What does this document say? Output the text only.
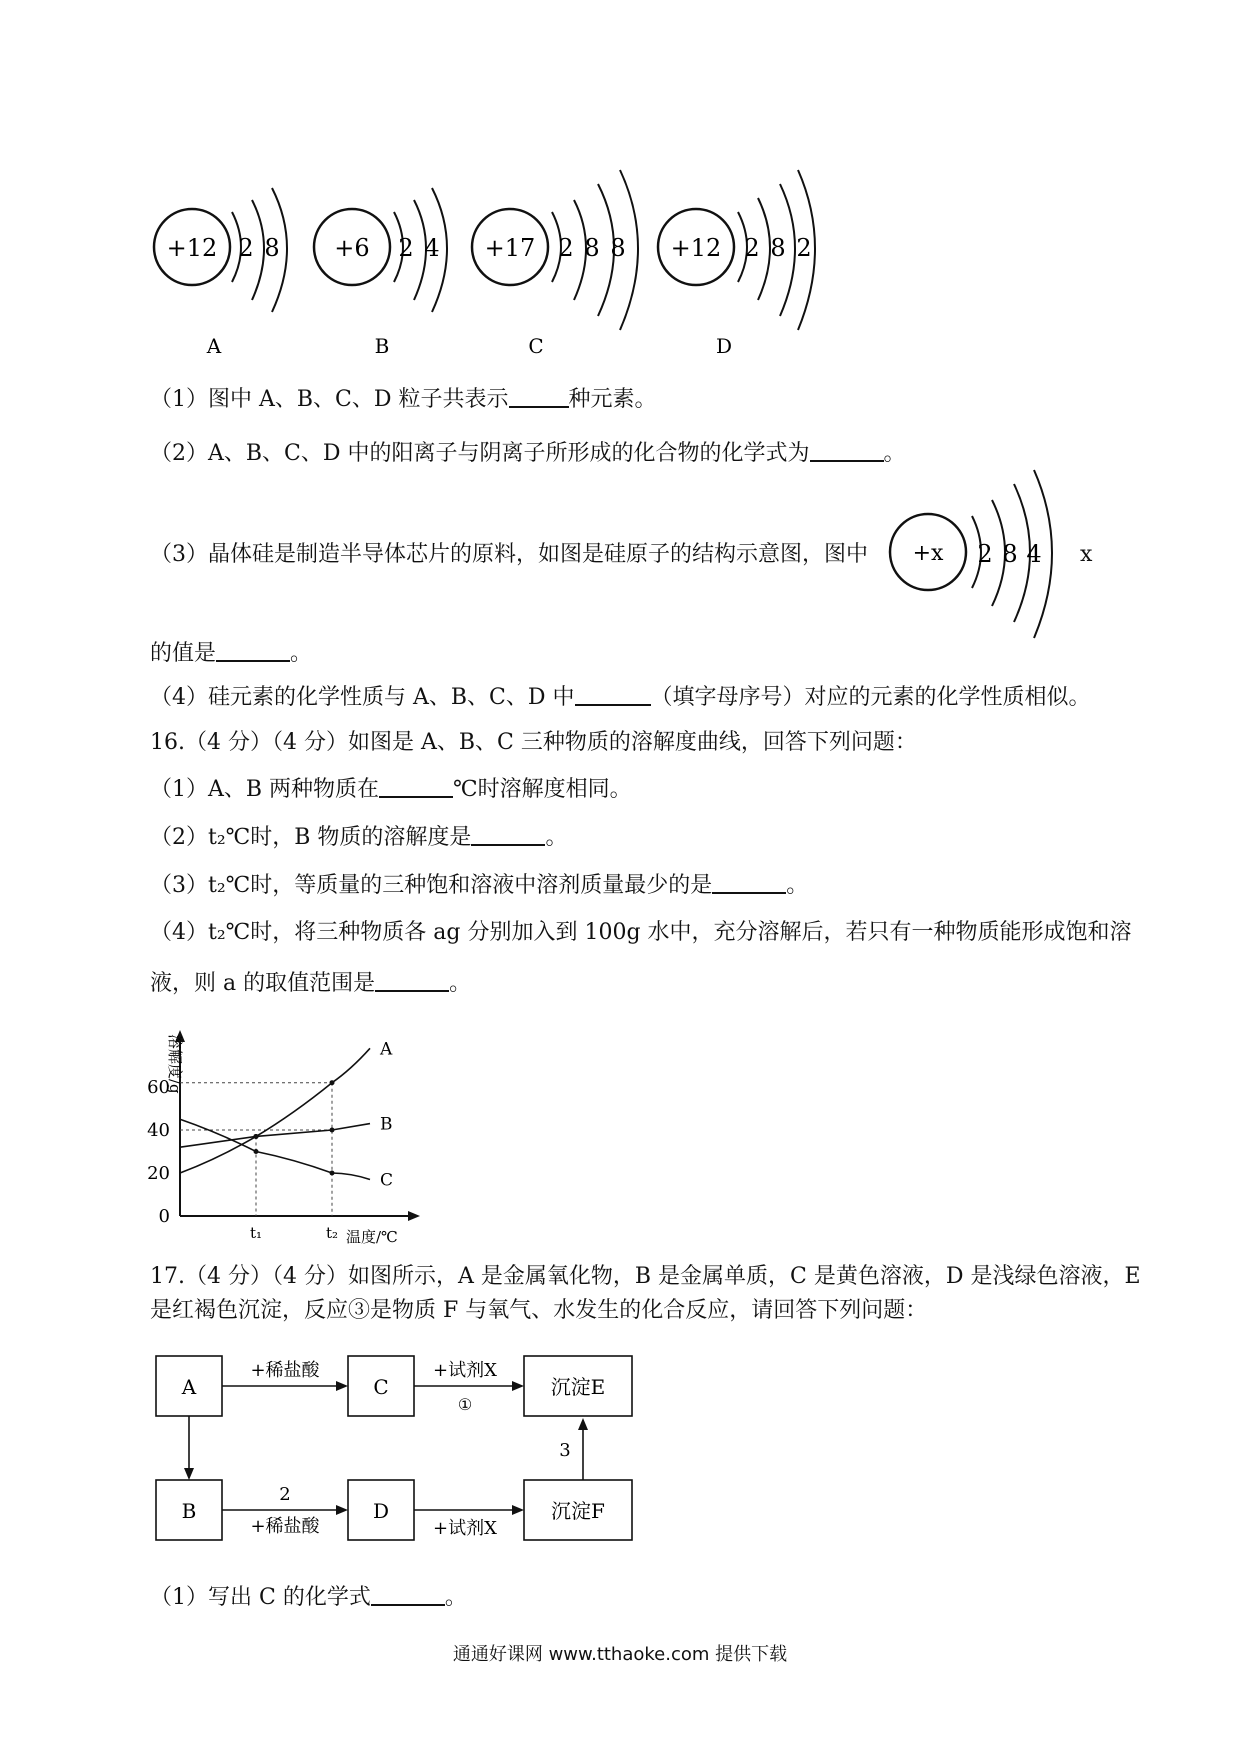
+12 2 8
A
+6 2 4
B
+17 2 8 8
C
+12 2 8 2
D
（1）图中 A、B、C、D 粒子共表示	种元素。
（2）A、B、C、D 中的阳离子与阴离子所形成的化合物的化学式为	。
（3）晶体硅是制造半导体芯片的原料，如图是硅原子的结构示意图，图中 +x 2 8 4 x
的值是	。
（4）硅元素的化学性质与 A、B、C、D 中	（填字母序号）对应的元素的化学性质相似。
16.（4 分）（4 分）如图是 A、B、C 三种物质的溶解度曲线，回答下列问题：
（1）A、B 两种物质在	℃时溶解度相同。
（2）t₂℃时，B 物质的溶解度是	。
（3）t₂℃时，等质量的三种饱和溶液中溶剂质量最少的是	。
（4）t₂℃时，将三种物质各 ag 分别加入到 100g 水中，充分溶解后，若只有一种物质能形成饱和溶
液，则 a 的取值范围是	。
溶解度/g
温度/℃
0
20
40
60
t₁	t₂
A
B
C
17.（4 分）（4 分）如图所示，A 是金属氧化物，B 是金属单质，C 是黄色溶液，D 是浅绿色溶液，E
是红褐色沉淀，反应③是物质 F 与氧气、水发生的化合反应，请回答下列问题：
A	C	沉淀E
B	D	沉淀F
+稀盐酸	+试剂X
①
2
+稀盐酸	+试剂X
3
（1）写出 C 的化学式	。
通通好课网 www.tthaoke.com 提供下载
